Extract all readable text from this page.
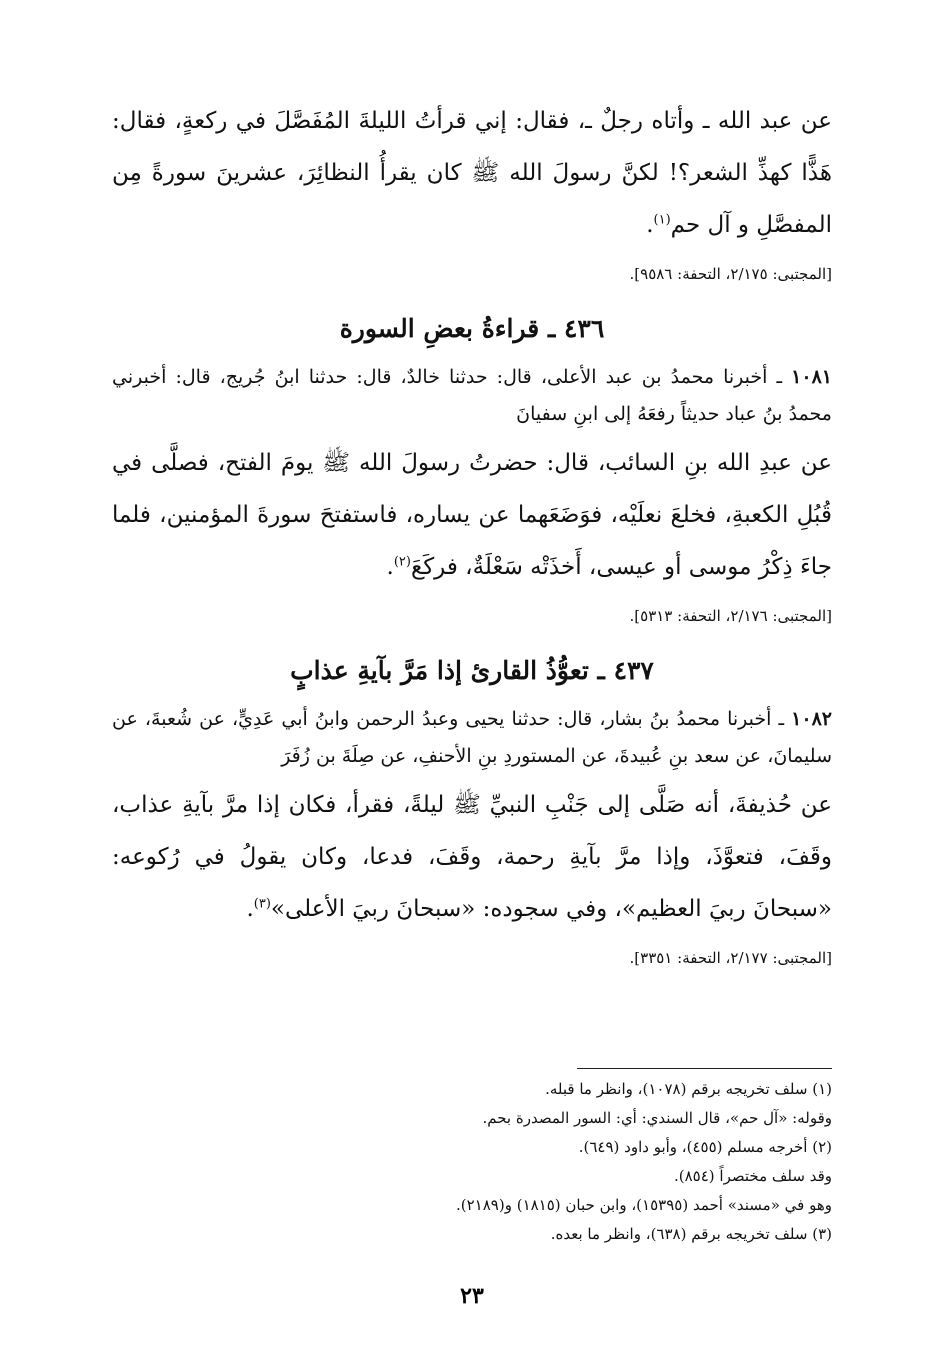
عن عبد الله ـ وأتاه رجلٌ ـ، فقال: إني قرأتُ الليلةَ المُفَصَّلَ في ركعةٍ، فقال: هَذًّا كهذِّ الشعر؟! لكنَّ رسولَ الله ﷺ كان يقرأُ النظائِرَ، عشرينَ سورةً مِن المفصَّلِ و آل حم$^{(١)}$.

[المجتبى: ٢/١٧٥، التحفة: ٩٥٨٦].

٤٣٦ ـ قراءةُ بعضِ السورة

١٠٨١ ـ أخبرنا محمدُ بن عبد الأعلى، قال: حدثنا خالدٌ، قال: حدثنا ابنُ جُريج، قال: أخبرني محمدُ بنُ عباد حديثاً رفعَهُ إلى ابنِ سفيانَ

عن عبدِ الله بنِ السائب، قال: حضرتُ رسولَ الله ﷺ يومَ الفتح، فصلَّى في قُبُلِ الكعبةِ، فخلعَ نعلَيْه، فوَضَعَهما عن يساره، فاستفتحَ سورةَ المؤمنين، فلما جاءَ ذِكْرُ موسى أو عيسى، أَخذَتْه سَعْلَةٌ، فركَعَ$^{(٢)}$.

[المجتبى: ٢/١٧٦، التحفة: ٥٣١٣].

٤٣٧ ـ تعوُّذُ القارئ إذا مَرَّ بآيةِ عذابٍ

١٠٨٢ ـ أخبرنا محمدُ بنُ بشار، قال: حدثنا يحيى وعبدُ الرحمن وابنُ أبي عَدِيٍّ، عن شُعبةَ، عن سليمانَ، عن سعد بنِ عُبيدةَ، عن المستوردِ بنِ الأحنفِ، عن صِلَةَ بن زُفَرَ

عن حُذيفةَ، أنه صَلَّى إلى جَنْبِ النبيِّ ﷺ ليلةً، فقرأ، فكان إذا مرَّ بآيةِ عذاب، وقَفَ، فتعوَّذَ، وإذا مرَّ بآيةِ رحمة، وقَفَ، فدعا، وكان يقولُ في رُكوعه: «سبحانَ ربيَ العظيم»، وفي سجوده: «سبحانَ ربيَ الأعلى»$^{(٣)}$.

[المجتبى: ٢/١٧٧، التحفة: ٣٣٥١].

(١) سلف تخريجه برقم (١٠٧٨)، وانظر ما قبله.

وقوله: «آل حم»، قال السندي: أي: السور المصدرة بحم.

(٢) أخرجه مسلم (٤٥٥)، وأبو داود (٦٤٩).

وقد سلف مختصراً (٨٥٤).

وهو في «مسند» أحمد (١٥٣٩٥)، وابن حبان (١٨١٥) و(٢١٨٩).

(٣) سلف تخريجه برقم (٦٣٨)، وانظر ما بعده.

٢٣
